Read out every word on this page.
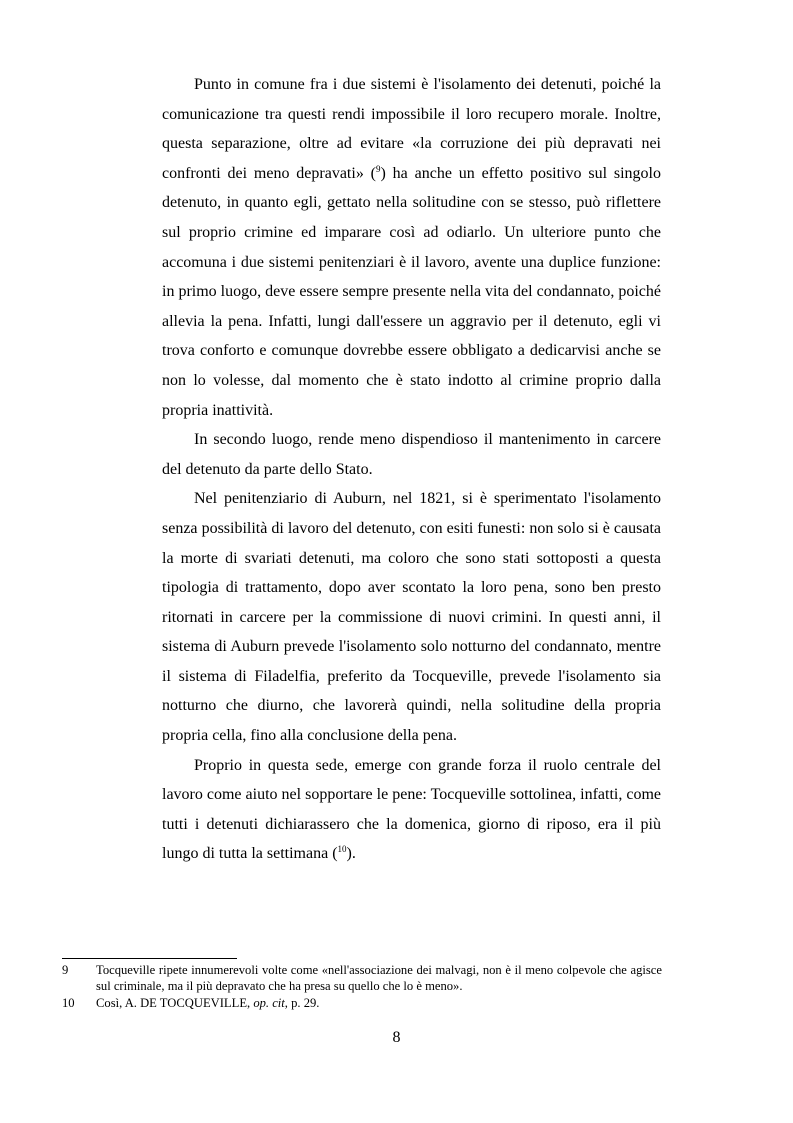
Punto in comune fra i due sistemi è l'isolamento dei detenuti, poiché la comunicazione tra questi rendi impossibile il loro recupero morale. Inoltre, questa separazione, oltre ad evitare «la corruzione dei più depravati nei confronti dei meno depravati» ($^9$) ha anche un effetto positivo sul singolo detenuto, in quanto egli, gettato nella solitudine con se stesso, può riflettere sul proprio crimine ed imparare così ad odiarlo. Un ulteriore punto che accomuna i due sistemi penitenziari è il lavoro, avente una duplice funzione: in primo luogo, deve essere sempre presente nella vita del condannato, poiché allevia la pena. Infatti, lungi dall'essere un aggravio per il detenuto, egli vi trova conforto e comunque dovrebbe essere obbligato a dedicarvisi anche se non lo volesse, dal momento che è stato indotto al crimine proprio dalla propria inattività.

In secondo luogo, rende meno dispendioso il mantenimento in carcere del detenuto da parte dello Stato.

Nel penitenziario di Auburn, nel 1821, si è sperimentato l'isolamento senza possibilità di lavoro del detenuto, con esiti funesti: non solo si è causata la morte di svariati detenuti, ma coloro che sono stati sottoposti a questa tipologia di trattamento, dopo aver scontato la loro pena, sono ben presto ritornati in carcere per la commissione di nuovi crimini. In questi anni, il sistema di Auburn prevede l'isolamento solo notturno del condannato, mentre il sistema di Filadelfia, preferito da Tocqueville, prevede l'isolamento sia notturno che diurno, che lavorerà quindi, nella solitudine della propria propria cella, fino alla conclusione della pena.

Proprio in questa sede, emerge con grande forza il ruolo centrale del lavoro come aiuto nel sopportare le pene: Tocqueville sottolinea, infatti, come tutti i detenuti dichiarassero che la domenica, giorno di riposo, era il più lungo di tutta la settimana ($^{10}$).

9	Tocqueville ripete innumerevoli volte come «nell'associazione dei malvagi, non è il meno colpevole che agisce sul criminale, ma il più depravato che ha presa su quello che lo è meno».
10	Così, A. DE TOCQUEVILLE, op. cit, p. 29.
8
